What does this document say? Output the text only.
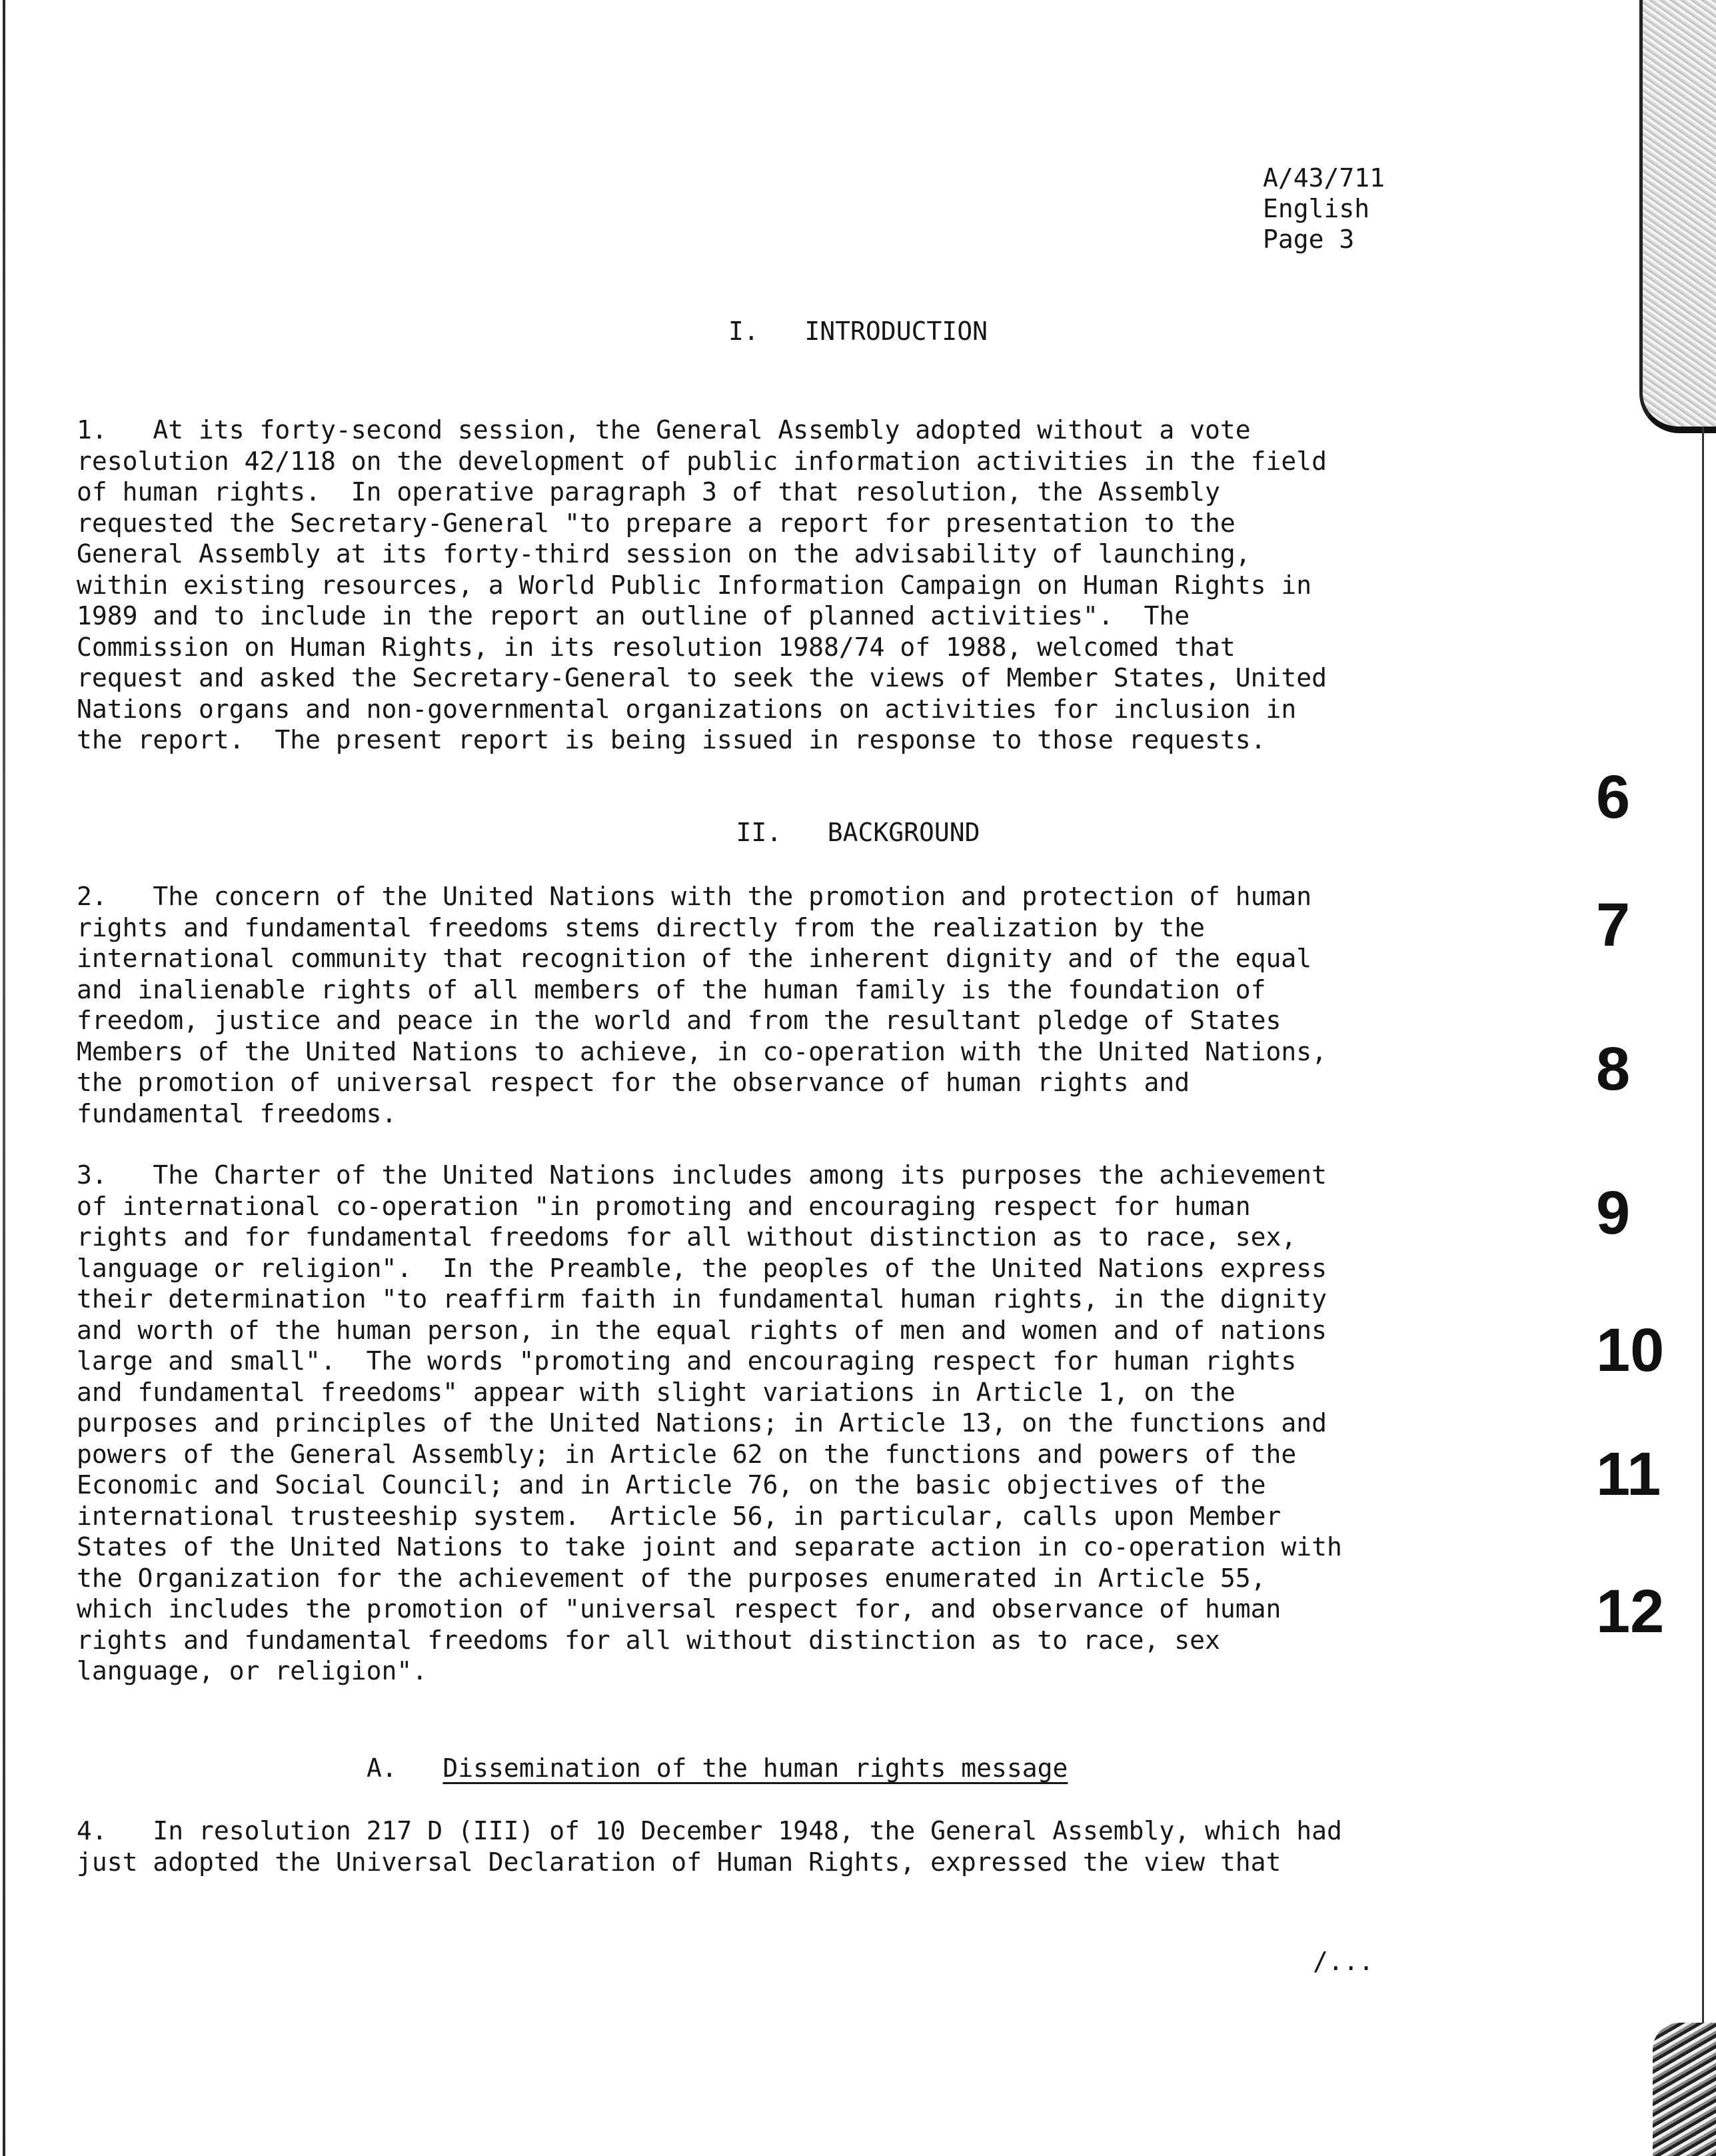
A/43/711
English
Page 3
I.   INTRODUCTION
1.   At its forty-second session, the General Assembly adopted without a vote
resolution 42/118 on the development of public information activities in the field
of human rights.  In operative paragraph 3 of that resolution, the Assembly
requested the Secretary-General "to prepare a report for presentation to the
General Assembly at its forty-third session on the advisability of launching,
within existing resources, a World Public Information Campaign on Human Rights in
1989 and to include in the report an outline of planned activities".  The
Commission on Human Rights, in its resolution 1988/74 of 1988, welcomed that
request and asked the Secretary-General to seek the views of Member States, United
Nations organs and non-governmental organizations on activities for inclusion in
the report.  The present report is being issued in response to those requests.
II.   BACKGROUND
2.   The concern of the United Nations with the promotion and protection of human
rights and fundamental freedoms stems directly from the realization by the
international community that recognition of the inherent dignity and of the equal
and inalienable rights of all members of the human family is the foundation of
freedom, justice and peace in the world and from the resultant pledge of States
Members of the United Nations to achieve, in co-operation with the United Nations,
the promotion of universal respect for the observance of human rights and
fundamental freedoms.
3.   The Charter of the United Nations includes among its purposes the achievement
of international co-operation "in promoting and encouraging respect for human
rights and for fundamental freedoms for all without distinction as to race, sex,
language or religion".  In the Preamble, the peoples of the United Nations express
their determination "to reaffirm faith in fundamental human rights, in the dignity
and worth of the human person, in the equal rights of men and women and of nations
large and small".  The words "promoting and encouraging respect for human rights
and fundamental freedoms" appear with slight variations in Article 1, on the
purposes and principles of the United Nations; in Article 13, on the functions and
powers of the General Assembly; in Article 62 on the functions and powers of the
Economic and Social Council; and in Article 76, on the basic objectives of the
international trusteeship system.  Article 56, in particular, calls upon Member
States of the United Nations to take joint and separate action in co-operation with
the Organization for the achievement of the purposes enumerated in Article 55,
which includes the promotion of "universal respect for, and observance of human
rights and fundamental freedoms for all without distinction as to race, sex
language, or religion".
A. Dissemination of the human rights message
4.   In resolution 217 D (III) of 10 December 1948, the General Assembly, which had
just adopted the Universal Declaration of Human Rights, expressed the view that
/...
6
7
8
9
10
11
12
